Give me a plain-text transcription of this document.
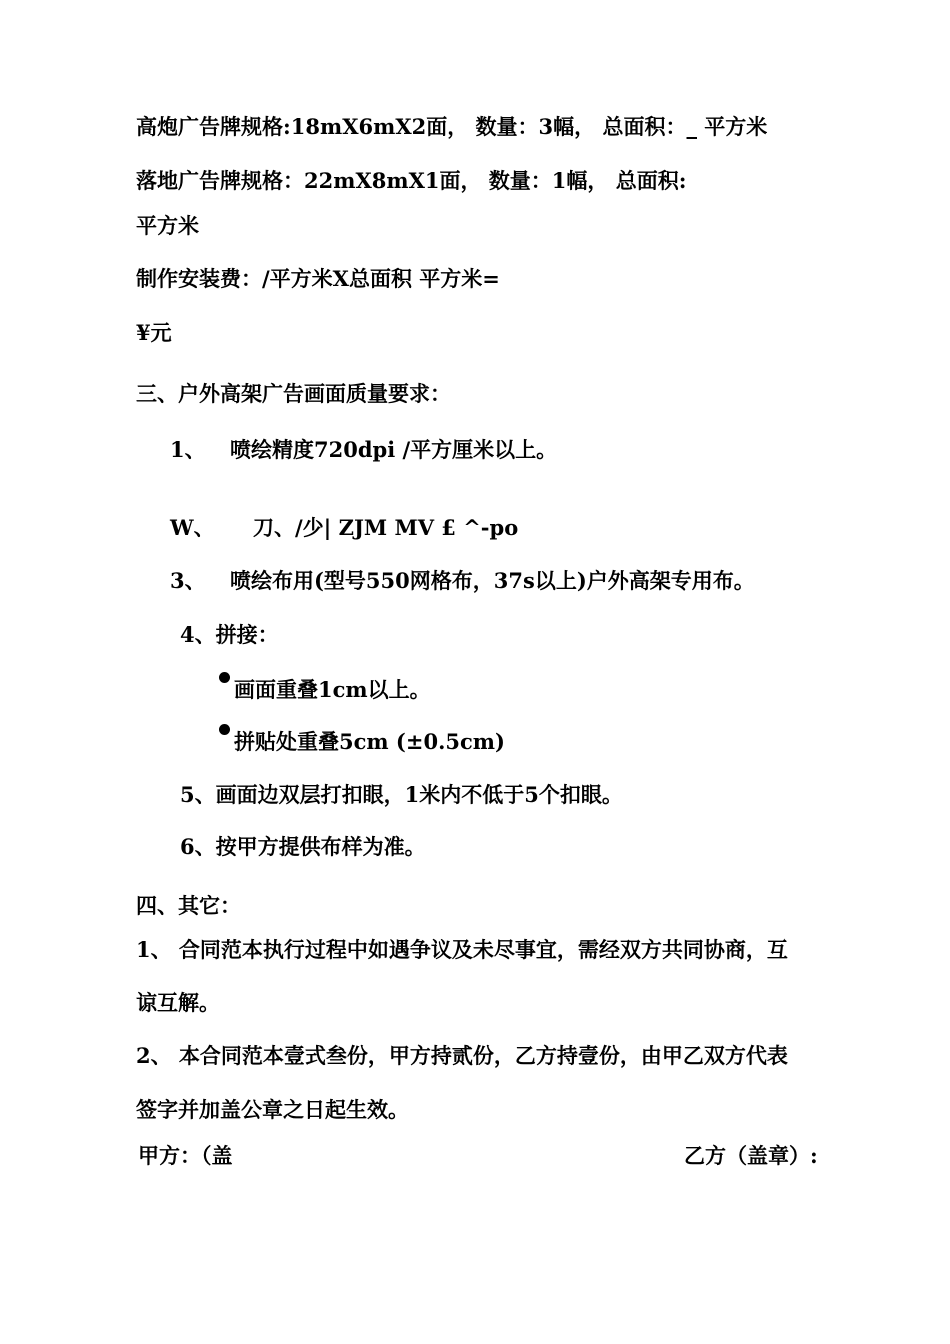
高炮广告牌规格:18mX6mX2面， 数量：3幅， 总面积：_ 平方米
落地广告牌规格：22mX8mX1面， 数量：1幅， 总面积:
平方米
制作安装费：/平方米X总面积 平方米=
¥元
三、户外高架广告画面质量要求：
1、 喷绘精度720dpi /平方厘米以上。
W、 刀、/少| ZJM MV £ ^-po
3、 喷绘布用(型号550网格布，37s以上)户外高架专用布。
4、拼接：
画面重叠1cm以上。
拼贴处重叠5cm (±0.5cm)
5、画面边双层打扣眼，1米内不低于5个扣眼。
6、按甲方提供布样为准。
四、其它：
1、 合同范本执行过程中如遇争议及未尽事宜，需经双方共同协商，互
谅互解。
2、 本合同范本壹式叁份，甲方持贰份，乙方持壹份，由甲乙双方代表
签字并加盖公章之日起生效。
甲方：（盖	乙方（盖章）:
